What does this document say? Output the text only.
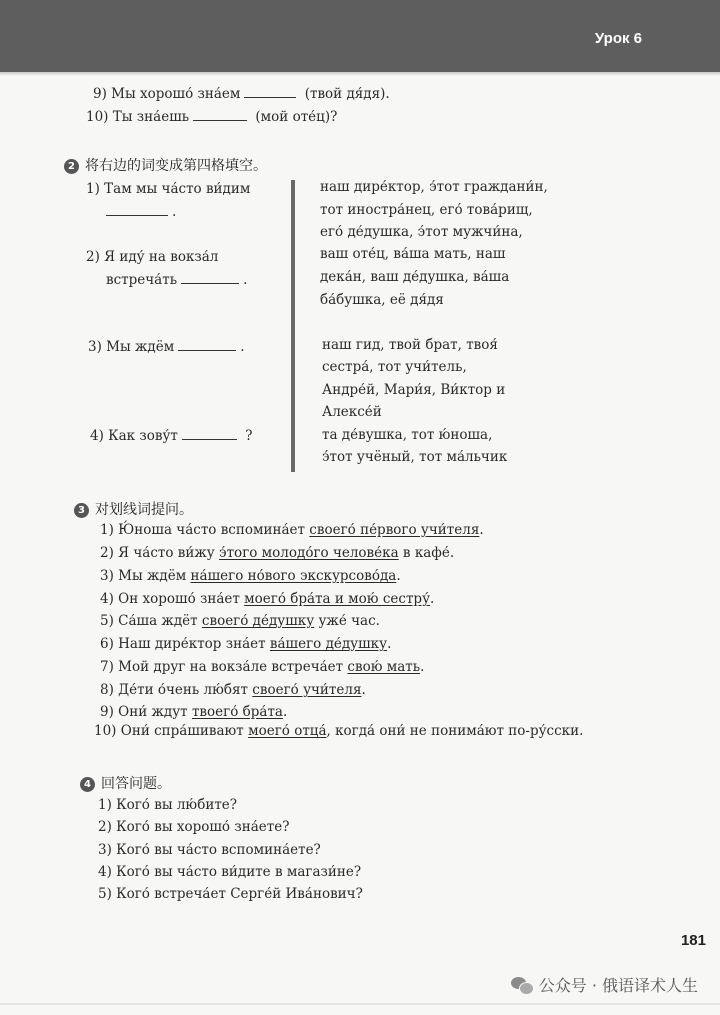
Урок 6
9) Мы хорошо́ зна́ем	(твой дя́дя).
10) Ты зна́ешь	(мой оте́ц)?
2 将右边的词变成第四格填空。
1) Там мы ча́сто ви́дим
.
2) Я иду́ на вокза́л
встреча́ть	.
3) Мы ждём	.
4) Как зову́т	?
наш дире́ктор, э́тот граждани́н,
тот иностра́нец, его́ това́рищ,
его́ де́душка, э́тот мужчи́на,
ваш оте́ц, ва́ша мать, наш
дека́н, ваш де́душка, ва́ша
ба́бушка, её дя́дя
наш гид, твой брат, твоя́
сестра́, тот учи́тель,
Андре́й, Мари́я, Ви́ктор и
Алексе́й
та де́вушка, тот ю́ноша,
э́тот учёный, тот ма́льчик
3 对划线词提问。
1) Ю́ноша ча́сто вспомина́ет своего́ пе́рвого учи́теля.
2) Я ча́сто ви́жу э́того молодо́го челове́ка в кафе́.
3) Мы ждём на́шего но́вого экскурсово́да.
4) Он хорошо́ зна́ет моего́ бра́та и мою́ сестру́.
5) Са́ша ждёт своего́ де́душку уже́ час.
6) Наш дире́ктор зна́ет ва́шего де́душку.
7) Мой друг на вокза́ле встреча́ет свою́ мать.
8) Де́ти о́чень лю́бят своего́ учи́теля.
9) Они́ ждут твоего́ бра́та.
10) Они́ спра́шивают моего́ отца́, когда́ они́ не понима́ют по-ру́сски.
4 回答问题。
1) Кого́ вы лю́бите?
2) Кого́ вы хорошо́ зна́ете?
3) Кого́ вы ча́сто вспомина́ете?
4) Кого́ вы ча́сто ви́дите в магази́не?
5) Кого́ встреча́ет Серге́й Ива́нович?
181
公众号 · 俄语译术人生
